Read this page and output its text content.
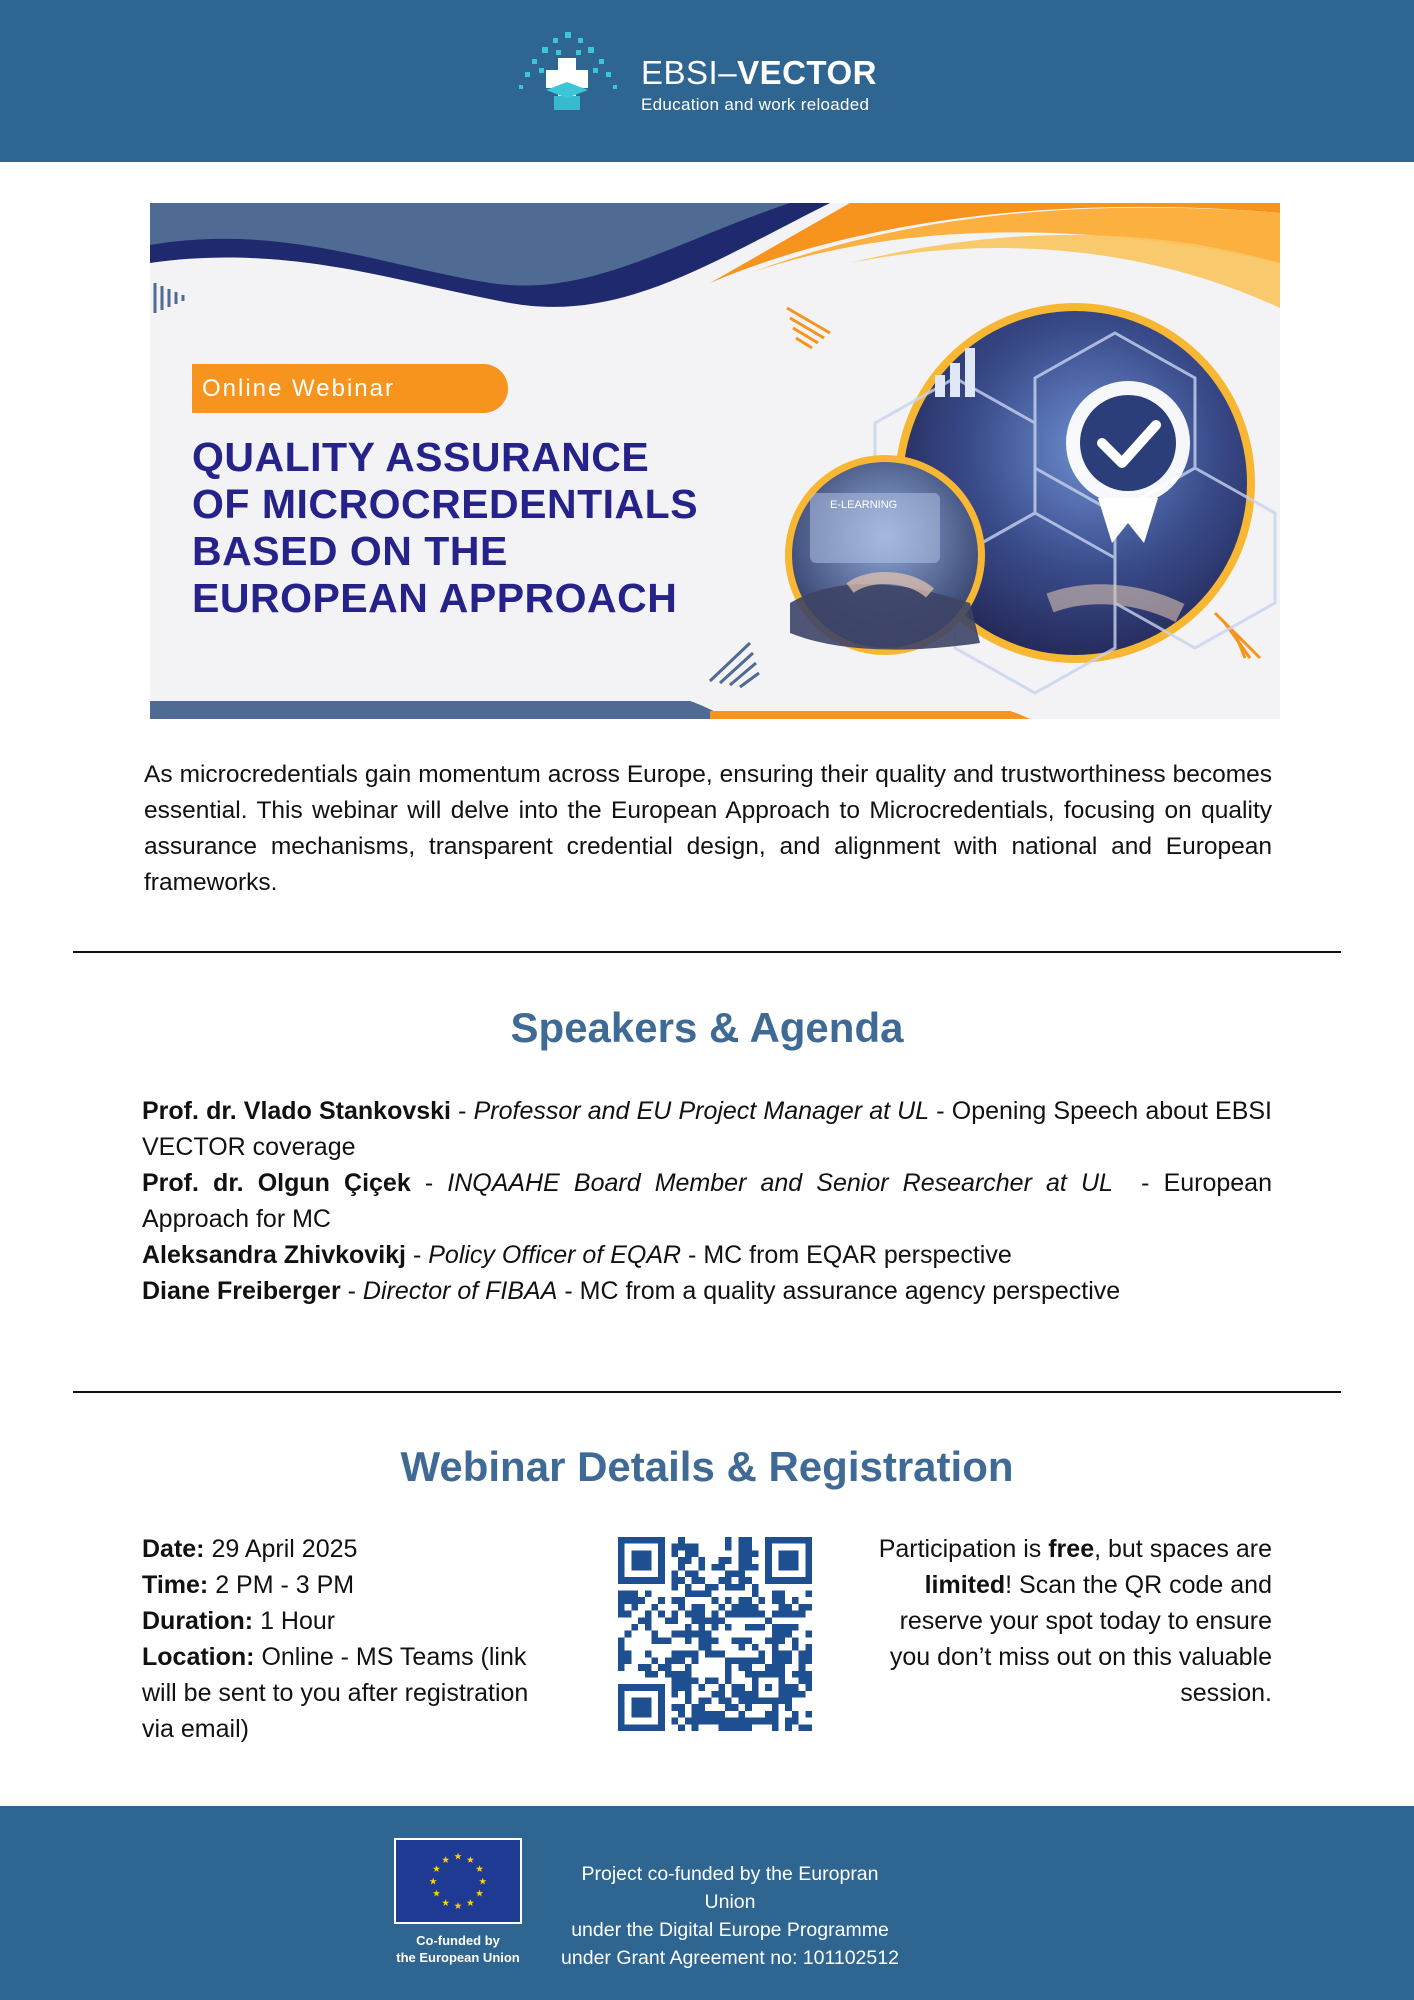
EBSI–VECTOR
Education and work reloaded
E-LEARNING
Online Webinar
QUALITY ASSURANCE
OF MICROCREDENTIALS
BASED ON THE
EUROPEAN APPROACH

As microcredentials gain momentum across Europe, ensuring their quality and trustworthiness becomes essential. This webinar will delve into the European Approach to Microcredentials, focusing on quality assurance mechanisms, transparent credential design, and alignment with national and European frameworks.

Speakers & Agenda

Prof. dr. Vlado Stankovski - Professor and EU Project Manager at UL - Opening Speech about EBSI VECTOR coverage

Prof. dr. Olgun Çiçek - INQAAHE Board Member and Senior Researcher at UL  - European Approach for MC

Aleksandra Zhivkovikj - Policy Officer of EQAR - MC from EQAR perspective

Diane Freiberger - Director of FIBAA - MC from a quality assurance agency perspective

Webinar Details & Registration
Date: 29 April 2025
Time: 2 PM - 3 PM
Duration: 1 Hour
Location: Online - MS Teams (link will be sent to you after registration via email)
Participation is free, but spaces are limited! Scan the QR code and reserve your spot today to ensure you don’t miss out on this valuable session.
★ ★
★
★
★
★
★
★
★
★
★
★
Co-funded by
the European Union
Project co-funded by the Europran Union
under the Digital Europe Programme
under Grant Agreement no: 101102512
